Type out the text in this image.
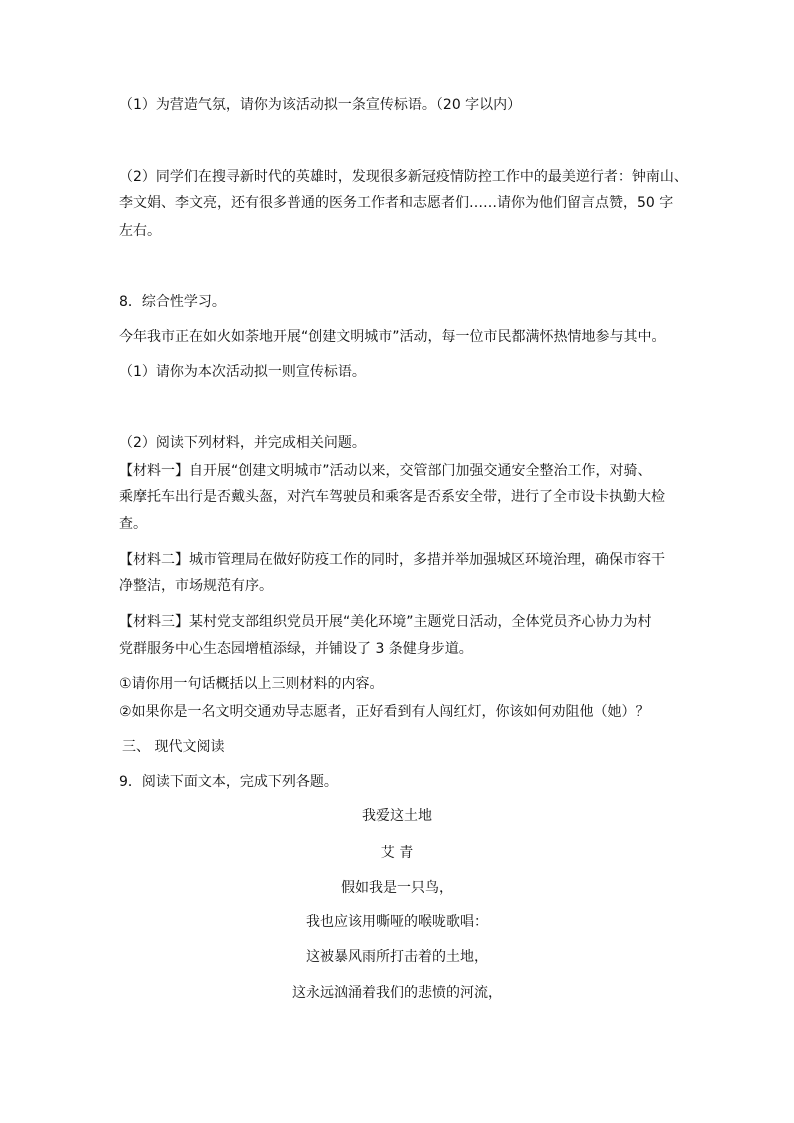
（1）为营造气氛，请你为该活动拟一条宣传标语。（20 字以内）
（2）同学们在搜寻新时代的英雄时，发现很多新冠疫情防控工作中的最美逆行者：钟南山、
李文娟、李文亮，还有很多普通的医务工作者和志愿者们……请你为他们留言点赞，50 字
左右。
8．综合性学习。
今年我市正在如火如荼地开展“创建文明城市”活动，每一位市民都满怀热情地参与其中。
（1）请你为本次活动拟一则宣传标语。
（2）阅读下列材料，并完成相关问题。
【材料一】自开展“创建文明城市”活动以来，交管部门加强交通安全整治工作，对骑、
乘摩托车出行是否戴头盔，对汽车驾驶员和乘客是否系安全带，进行了全市设卡执勤大检
查。
【材料二】城市管理局在做好防疫工作的同时，多措并举加强城区环境治理，确保市容干
净整洁，市场规范有序。
【材料三】某村党支部组织党员开展“美化环境”主题党日活动，全体党员齐心协力为村
党群服务中心生态园增植添绿，并铺设了 3 条健身步道。
①请你用一句话概括以上三则材料的内容。
②如果你是一名文明交通劝导志愿者，正好看到有人闯红灯，你该如何劝阻他（她）？
三、 现代文阅读
9．阅读下面文本，完成下列各题。
我爱这土地
艾 青
假如我是一只鸟，
我也应该用嘶哑的喉咙歌唱：
这被暴风雨所打击着的土地，
这永远汹涌着我们的悲愤的河流，
